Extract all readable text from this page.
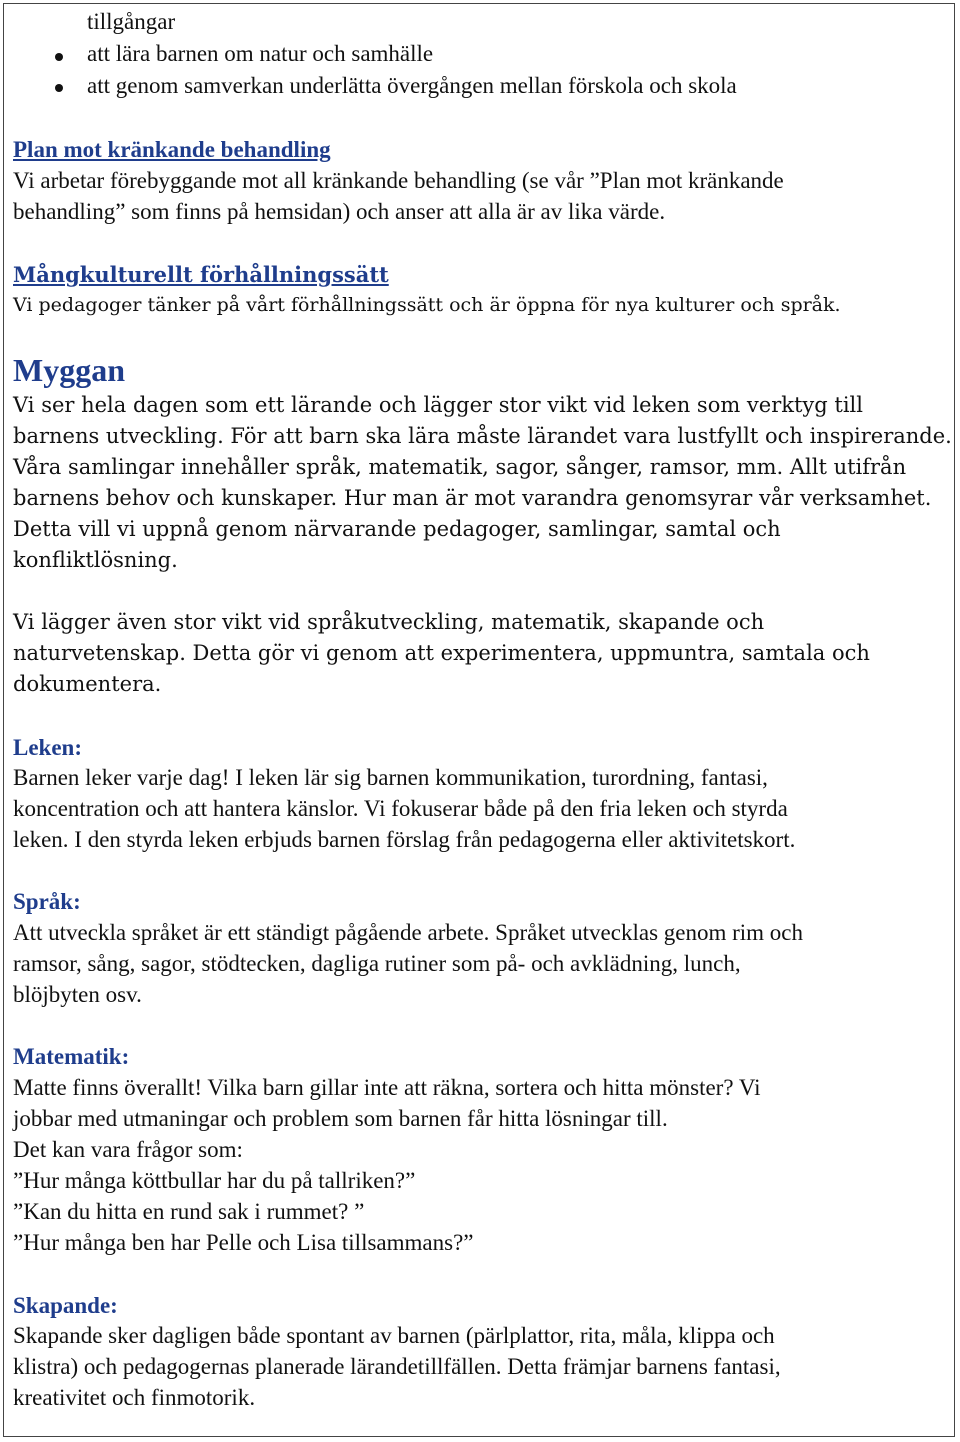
tillgångar
att lära barnen om natur och samhälle
att genom samverkan underlätta övergången mellan förskola och skola
Plan mot kränkande behandling
Vi arbetar förebyggande mot all kränkande behandling (se vår ”Plan mot kränkande
behandling” som finns på hemsidan) och anser att alla är av lika värde.
Mångkulturellt förhållningssätt
Vi pedagoger tänker på vårt förhållningssätt och är öppna för nya kulturer och språk.
Myggan
Vi ser hela dagen som ett lärande och lägger stor vikt vid leken som verktyg till
barnens utveckling. För att barn ska lära måste lärandet vara lustfyllt och inspirerande.
Våra samlingar innehåller språk, matematik, sagor, sånger, ramsor, mm. Allt utifrån
barnens behov och kunskaper. Hur man är mot varandra genomsyrar vår verksamhet.
Detta vill vi uppnå genom närvarande pedagoger, samlingar, samtal och
konfliktlösning.
Vi lägger även stor vikt vid språkutveckling, matematik, skapande och
naturvetenskap. Detta gör vi genom att experimentera, uppmuntra, samtala och
dokumentera.
Leken:
Barnen leker varje dag! I leken lär sig barnen kommunikation, turordning, fantasi,
koncentration och att hantera känslor. Vi fokuserar både på den fria leken och styrda
leken. I den styrda leken erbjuds barnen förslag från pedagogerna eller aktivitetskort.
Språk:
Att utveckla språket är ett ständigt pågående arbete. Språket utvecklas genom rim och
ramsor, sång, sagor, stödtecken, dagliga rutiner som på- och avklädning, lunch,
blöjbyten osv.
Matematik:
Matte finns överallt! Vilka barn gillar inte att räkna, sortera och hitta mönster? Vi
jobbar med utmaningar och problem som barnen får hitta lösningar till.
Det kan vara frågor som:
”Hur många köttbullar har du på tallriken?”
”Kan du hitta en rund sak i rummet? ”
”Hur många ben har Pelle och Lisa tillsammans?”
Skapande:
Skapande sker dagligen både spontant av barnen (pärlplattor, rita, måla, klippa och
klistra) och pedagogernas planerade lärandetillfällen. Detta främjar barnens fantasi,
kreativitet och finmotorik.
